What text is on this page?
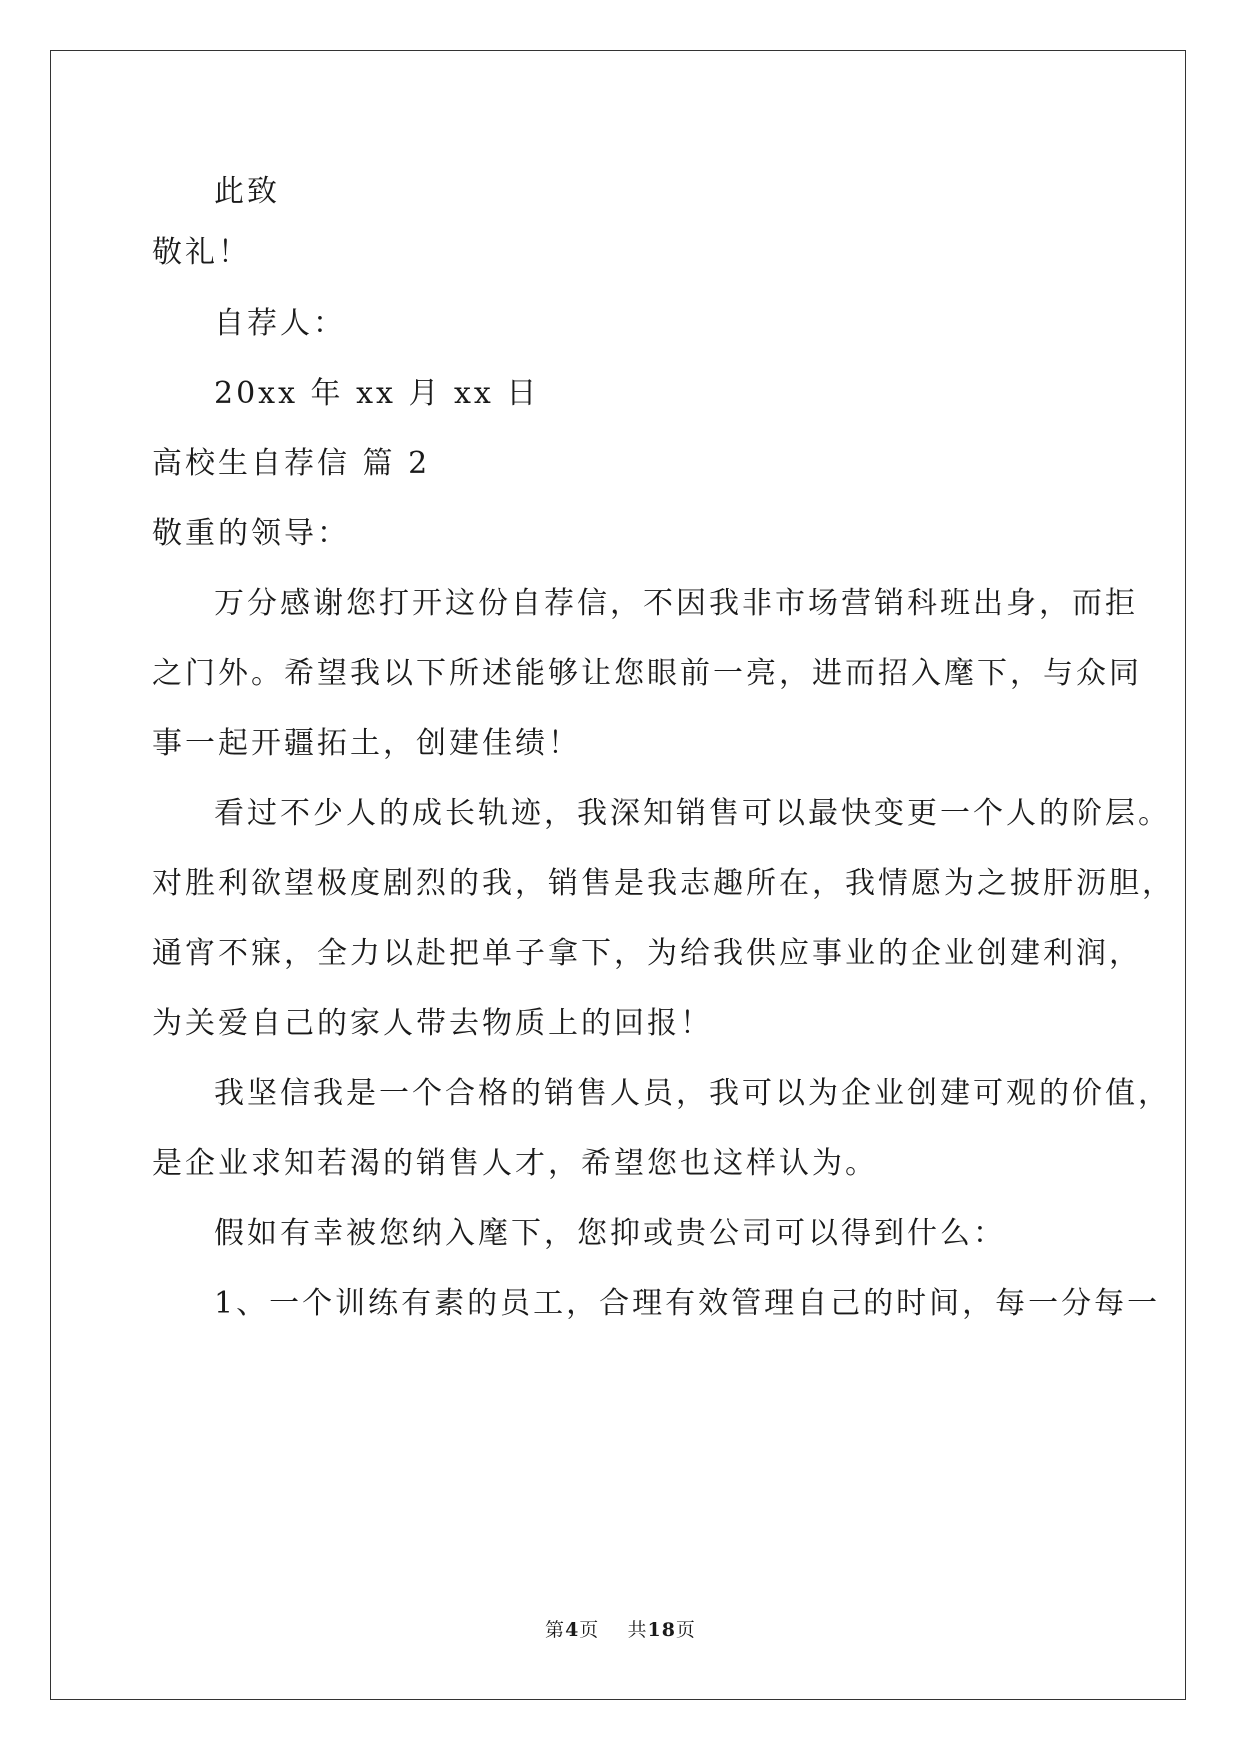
此致
敬礼！
自荐人：
20xx 年 xx 月 xx 日
高校生自荐信 篇 2
敬重的领导：
万分感谢您打开这份自荐信，不因我非市场营销科班出身，而拒
之门外。希望我以下所述能够让您眼前一亮，进而招入麾下，与众同
事一起开疆拓土，创建佳绩！
看过不少人的成长轨迹，我深知销售可以最快变更一个人的阶层。
对胜利欲望极度剧烈的我，销售是我志趣所在，我情愿为之披肝沥胆，
通宵不寐，全力以赴把单子拿下，为给我供应事业的企业创建利润，
为关爱自己的家人带去物质上的回报！
我坚信我是一个合格的销售人员，我可以为企业创建可观的价值，
是企业求知若渴的销售人才，希望您也这样认为。
假如有幸被您纳入麾下，您抑或贵公司可以得到什么：
1、一个训练有素的员工，合理有效管理自己的时间，每一分每一
第4页    共18页
